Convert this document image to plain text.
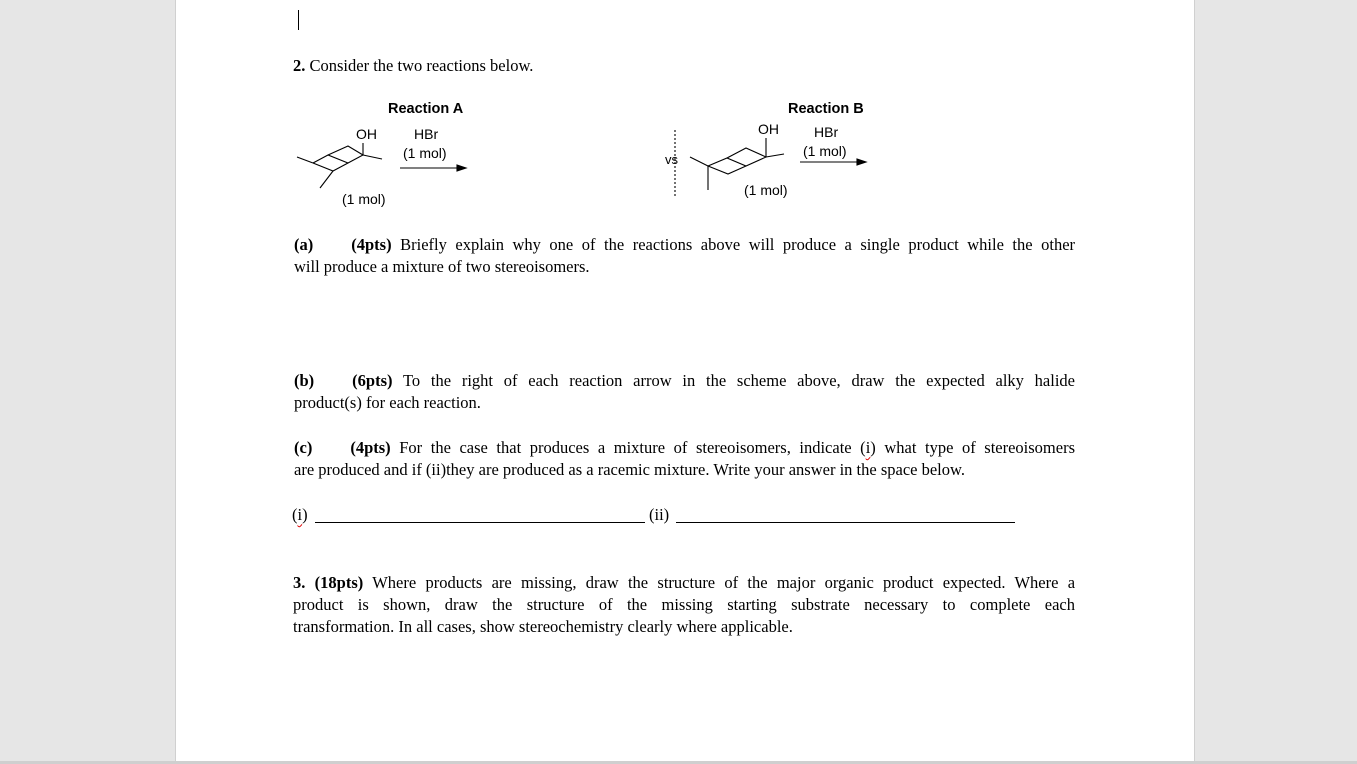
2. Consider the two reactions below.
Reaction A
OH	HBr
(1 mol)
(1 mol)
vs
Reaction B
OH	HBr
(1 mol)
(1 mol)
(a) (4pts) Briefly explain why one of the reactions above will produce a single product while the other
will produce a mixture of two stereoisomers.
(b) (6pts) To the right of each reaction arrow in the scheme above, draw the expected alky halide
product(s) for each reaction.
(c) (4pts) For the case that produces a mixture of stereoisomers, indicate (i) what type of stereoisomers
are produced and if (ii)they are produced as a racemic mixture. Write your answer in the space below.
(i)	(ii)
3. (18pts) Where products are missing, draw the structure of the major organic product expected. Where a
product is shown, draw the structure of the missing starting substrate necessary to complete each
transformation. In all cases, show stereochemistry clearly where applicable.
